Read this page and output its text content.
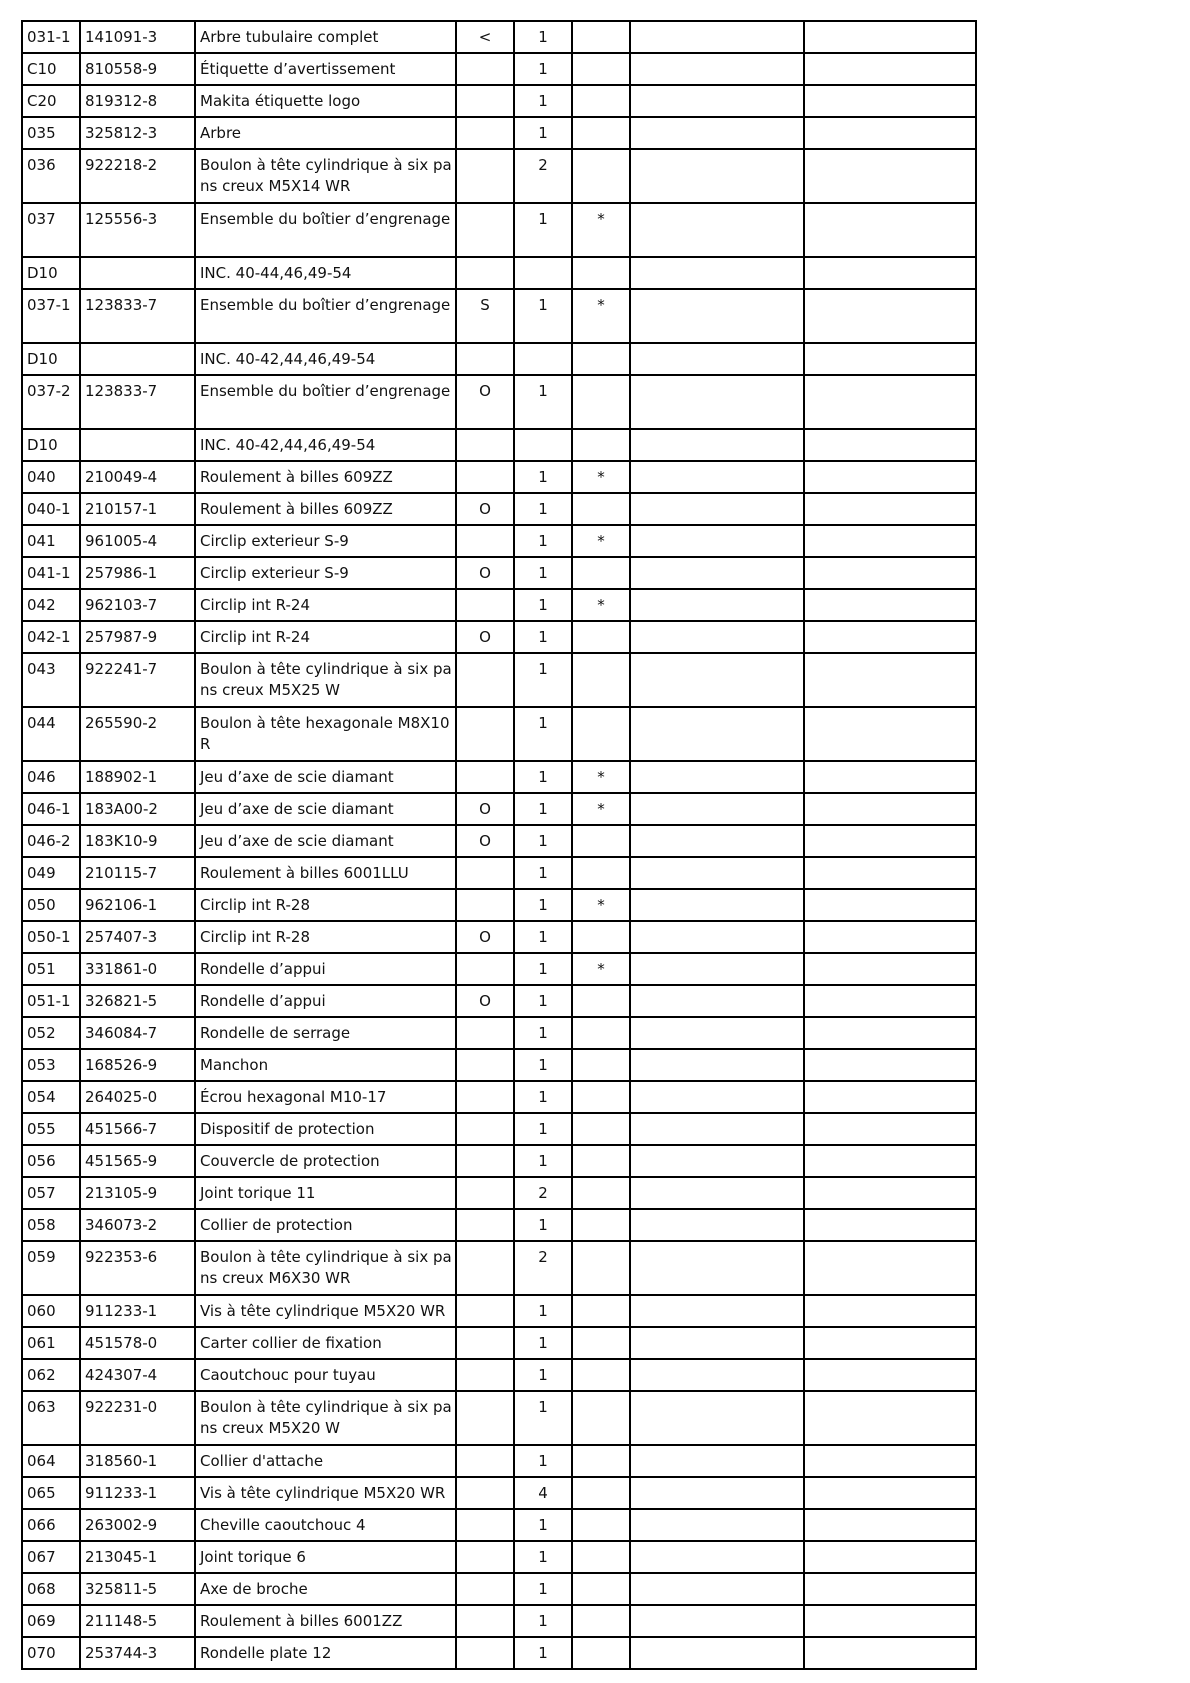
031-1	141091-3	Arbre tubulaire complet	<	1			
C10	810558-9	Étiquette d’avertissement		1			
C20	819312-8	Makita étiquette logo		1			
035	325812-3	Arbre		1			
036	922218-2	Boulon à tête cylindrique à six pans creux M5X14 WR		2			
037	125556-3	Ensemble du boîtier d’engrenage		1	*		
D10		INC. 40-44,46,49-54					
037-1	123833-7	Ensemble du boîtier d’engrenage	S	1	*		
D10		INC. 40-42,44,46,49-54					
037-2	123833-7	Ensemble du boîtier d’engrenage	O	1			
D10		INC. 40-42,44,46,49-54					
040	210049-4	Roulement à billes 609ZZ		1	*		
040-1	210157-1	Roulement à billes 609ZZ	O	1			
041	961005-4	Circlip exterieur S-9		1	*		
041-1	257986-1	Circlip exterieur S-9	O	1			
042	962103-7	Circlip int R-24		1	*		
042-1	257987-9	Circlip int R-24	O	1			
043	922241-7	Boulon à tête cylindrique à six pans creux M5X25 W		1			
044	265590-2	Boulon à tête hexagonale M8X10 R		1			
046	188902-1	Jeu d’axe de scie diamant		1	*		
046-1	183A00-2	Jeu d’axe de scie diamant	O	1	*		
046-2	183K10-9	Jeu d’axe de scie diamant	O	1			
049	210115-7	Roulement à billes 6001LLU		1			
050	962106-1	Circlip int R-28		1	*		
050-1	257407-3	Circlip int R-28	O	1			
051	331861-0	Rondelle d’appui		1	*		
051-1	326821-5	Rondelle d’appui	O	1			
052	346084-7	Rondelle de serrage		1			
053	168526-9	Manchon		1			
054	264025-0	Écrou hexagonal M10-17		1			
055	451566-7	Dispositif de protection		1			
056	451565-9	Couvercle de protection		1			
057	213105-9	Joint torique 11		2			
058	346073-2	Collier de protection		1			
059	922353-6	Boulon à tête cylindrique à six pans creux M6X30 WR		2			
060	911233-1	Vis à tête cylindrique M5X20 WR		1			
061	451578-0	Carter collier de fixation		1			
062	424307-4	Caoutchouc pour tuyau		1			
063	922231-0	Boulon à tête cylindrique à six pans creux M5X20 W		1			
064	318560-1	Collier d'attache		1			
065	911233-1	Vis à tête cylindrique M5X20 WR		4			
066	263002-9	Cheville caoutchouc 4		1			
067	213045-1	Joint torique 6		1			
068	325811-5	Axe de broche		1			
069	211148-5	Roulement à billes 6001ZZ		1			
070	253744-3	Rondelle plate 12		1			
